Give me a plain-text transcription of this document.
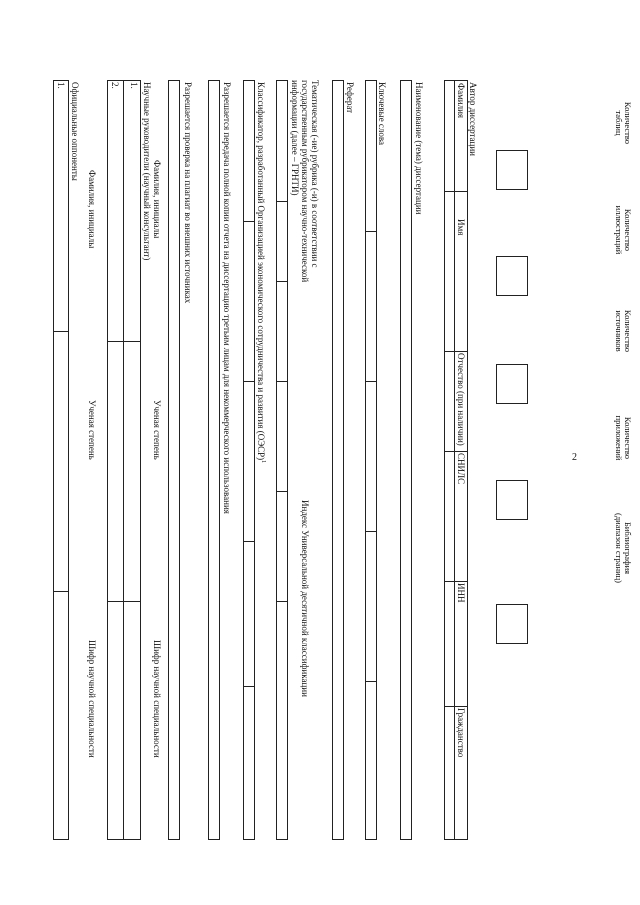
2
Количество таблиц
Количество иллюстраций
Количество источников
Количество приложений
Библиография (диапазон страниц)
Автор диссертации
Фамилия
Имя
Отчество (при наличии)
СНИЛС
ИНН
Гражданство
Наименование (тема) диссертации
Ключевые слова
Реферат
Тематическая (-ие) рубрика (-и) в соответствии с государственным рубрикатором научно-технической информации (далее – ГРНТИ)
Индекс Универсальной десятичной классификации
Классификатор, разработанный Организацией экономического сотрудничества и развития (ОЭСР)$^1$
Разрешается передача полной копии отчета на диссертацию третьим лицам для некоммерческого использования
Разрешается проверка на плагиат во внешних источниках
Фамилия, инициалы
Ученая степень
Шифр научной специальности
Научные руководители (научный консультант)
1.
2.
Фамилия, инициалы
Ученая степень
Шифр научной специальности
Официальные оппоненты
1.
